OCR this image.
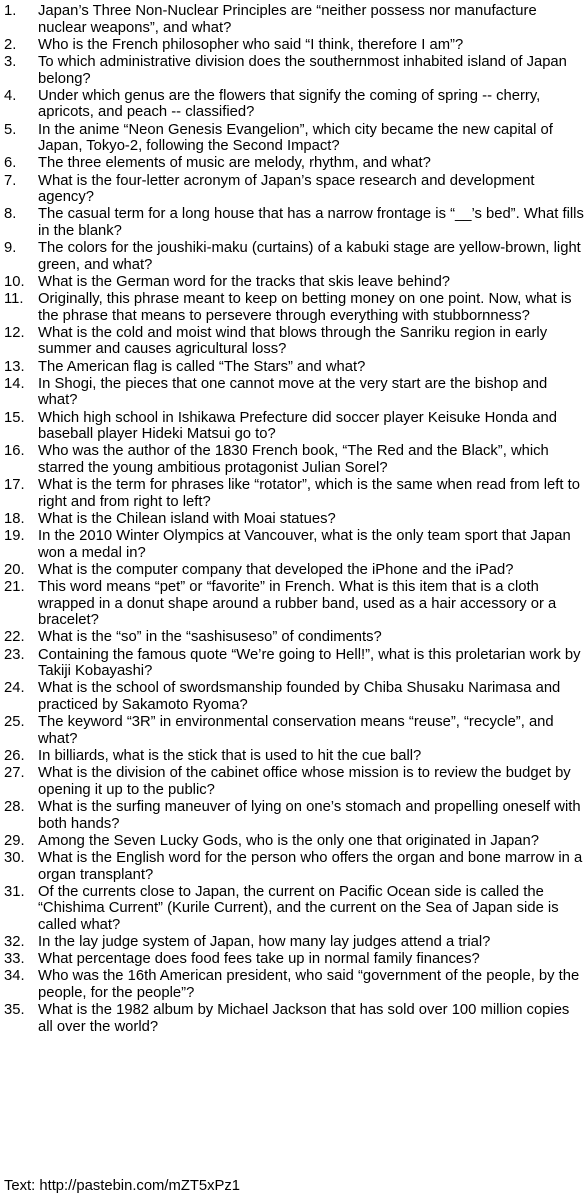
1.	Japan’s Three Non-Nuclear Principles are “neither possess nor manufacture nuclear weapons”, and what?
2.	Who is the French philosopher who said “I think, therefore I am”?
3.	To which administrative division does the southernmost inhabited island of Japan belong?
4.	Under which genus are the flowers that signify the coming of spring -- cherry, apricots, and peach -- classified?
5.	In the anime “Neon Genesis Evangelion”, which city became the new capital of Japan, Tokyo-2, following the Second Impact?
6.	The three elements of music are melody, rhythm, and what?
7.	What is the four-letter acronym of Japan’s space research and development agency?
8.	The casual term for a long house that has a narrow frontage is “__’s bed”. What fills in the blank?
9.	The colors for the joushiki-maku (curtains) of a kabuki stage are yellow-brown, light green, and what?
10. What is the German word for the tracks that skis leave behind?
11. Originally, this phrase meant to keep on betting money on one point. Now, what is the phrase that means to persevere through everything with stubbornness?
12. What is the cold and moist wind that blows through the Sanriku region in early summer and causes agricultural loss?
13. The American flag is called “The Stars” and what?
14. In Shogi, the pieces that one cannot move at the very start are the bishop and what?
15. Which high school in Ishikawa Prefecture did soccer player Keisuke Honda and baseball player Hideki Matsui go to?
16. Who was the author of the 1830 French book, “The Red and the Black”, which starred the young ambitious protagonist Julian Sorel?
17. What is the term for phrases like “rotator”, which is the same when read from left to right and from right to left?
18. What is the Chilean island with Moai statues?
19. In the 2010 Winter Olympics at Vancouver, what is the only team sport that Japan won a medal in?
20. What is the computer company that developed the iPhone and the iPad?
21. This word means “pet” or “favorite” in French. What is this item that is a cloth wrapped in a donut shape around a rubber band, used as a hair accessory or a bracelet?
22. What is the “so” in the “sashisuseso” of condiments?
23. Containing the famous quote “We’re going to Hell!”, what is this proletarian work by Takiji Kobayashi?
24. What is the school of swordsmanship founded by Chiba Shusaku Narimasa and practiced by Sakamoto Ryoma?
25. The keyword “3R” in environmental conservation means “reuse”, “recycle”, and what?
26. In billiards, what is the stick that is used to hit the cue ball?
27. What is the division of the cabinet office whose mission is to review the budget by opening it up to the public?
28. What is the surfing maneuver of lying on one’s stomach and propelling oneself with both hands?
29. Among the Seven Lucky Gods, who is the only one that originated in Japan?
30. What is the English word for the person who offers the organ and bone marrow in a organ transplant?
31. Of the currents close to Japan, the current on Pacific Ocean side is called the “Chishima Current” (Kurile Current), and the current on the Sea of Japan side is called what?
32. In the lay judge system of Japan, how many lay judges attend a trial?
33. What percentage does food fees take up in normal family finances?
34. Who was the 16th American president, who said “government of the people, by the people, for the people”?
35. What is the 1982 album by Michael Jackson that has sold over 100 million copies all over the world?
Text: http://pastebin.com/mZT5xPz1
